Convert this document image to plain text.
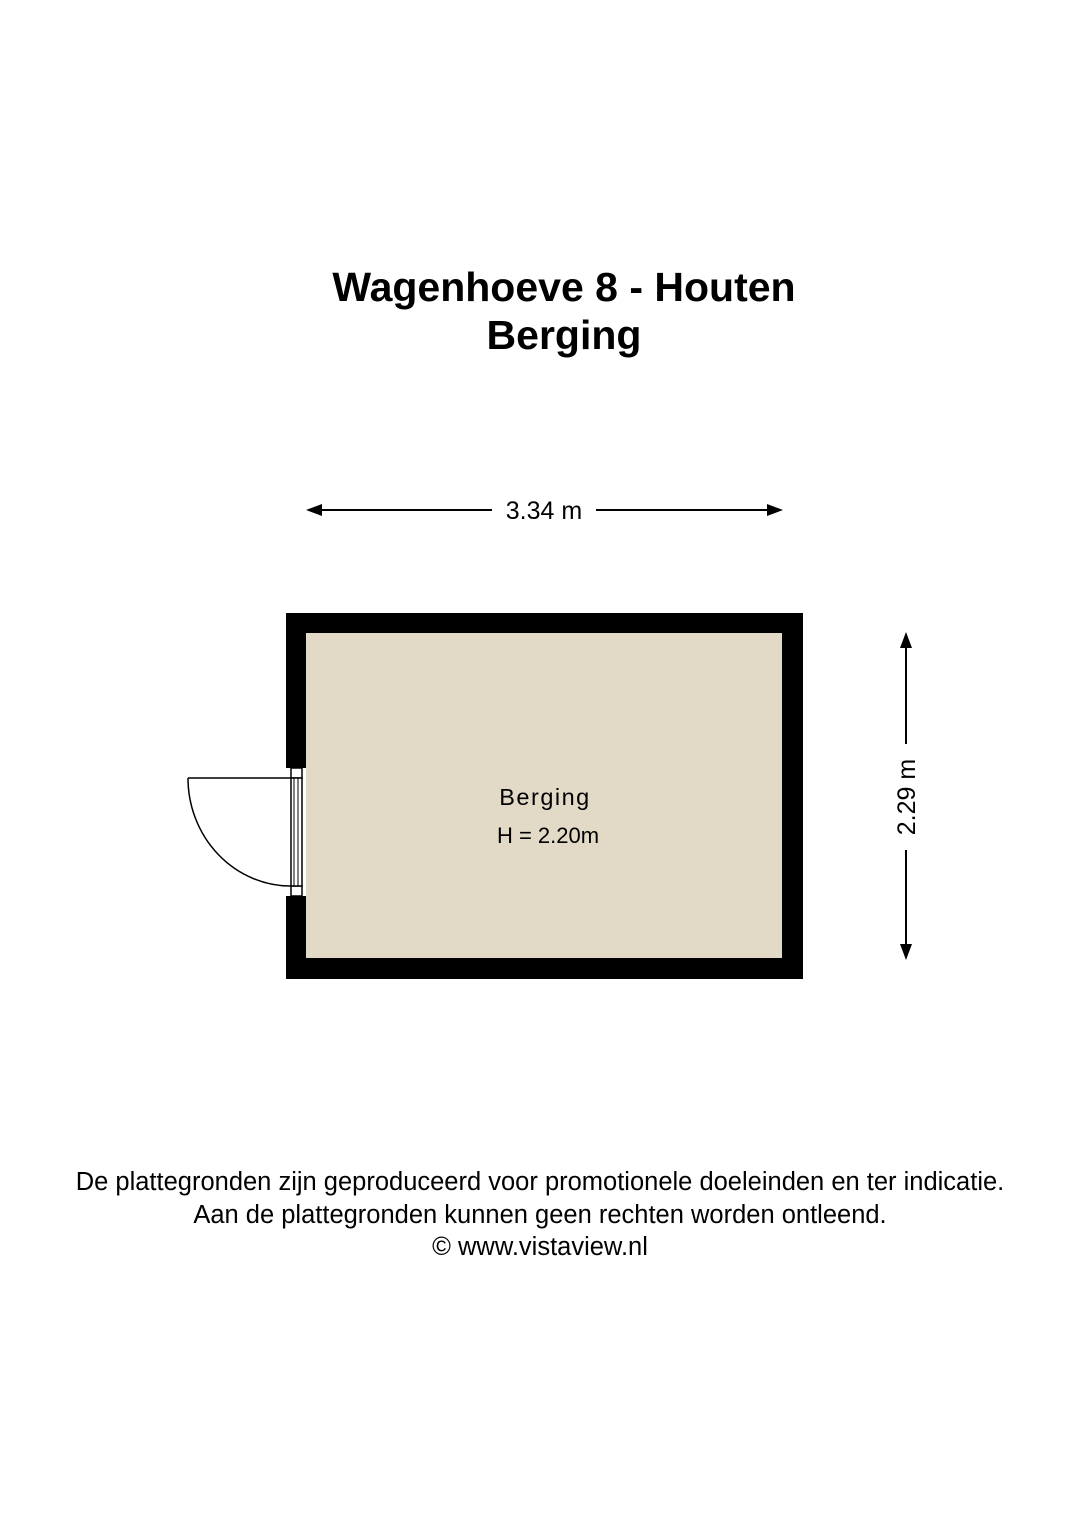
Wagenhoeve 8 - Houten
Berging
3.34 m
2.29 m
Berging
H = 2.20m

De plattegronden zijn geproduceerd voor promotionele doeleinden en ter indicatie.

Aan de plattegronden kunnen geen rechten worden ontleend.

© www.vistaview.nl
